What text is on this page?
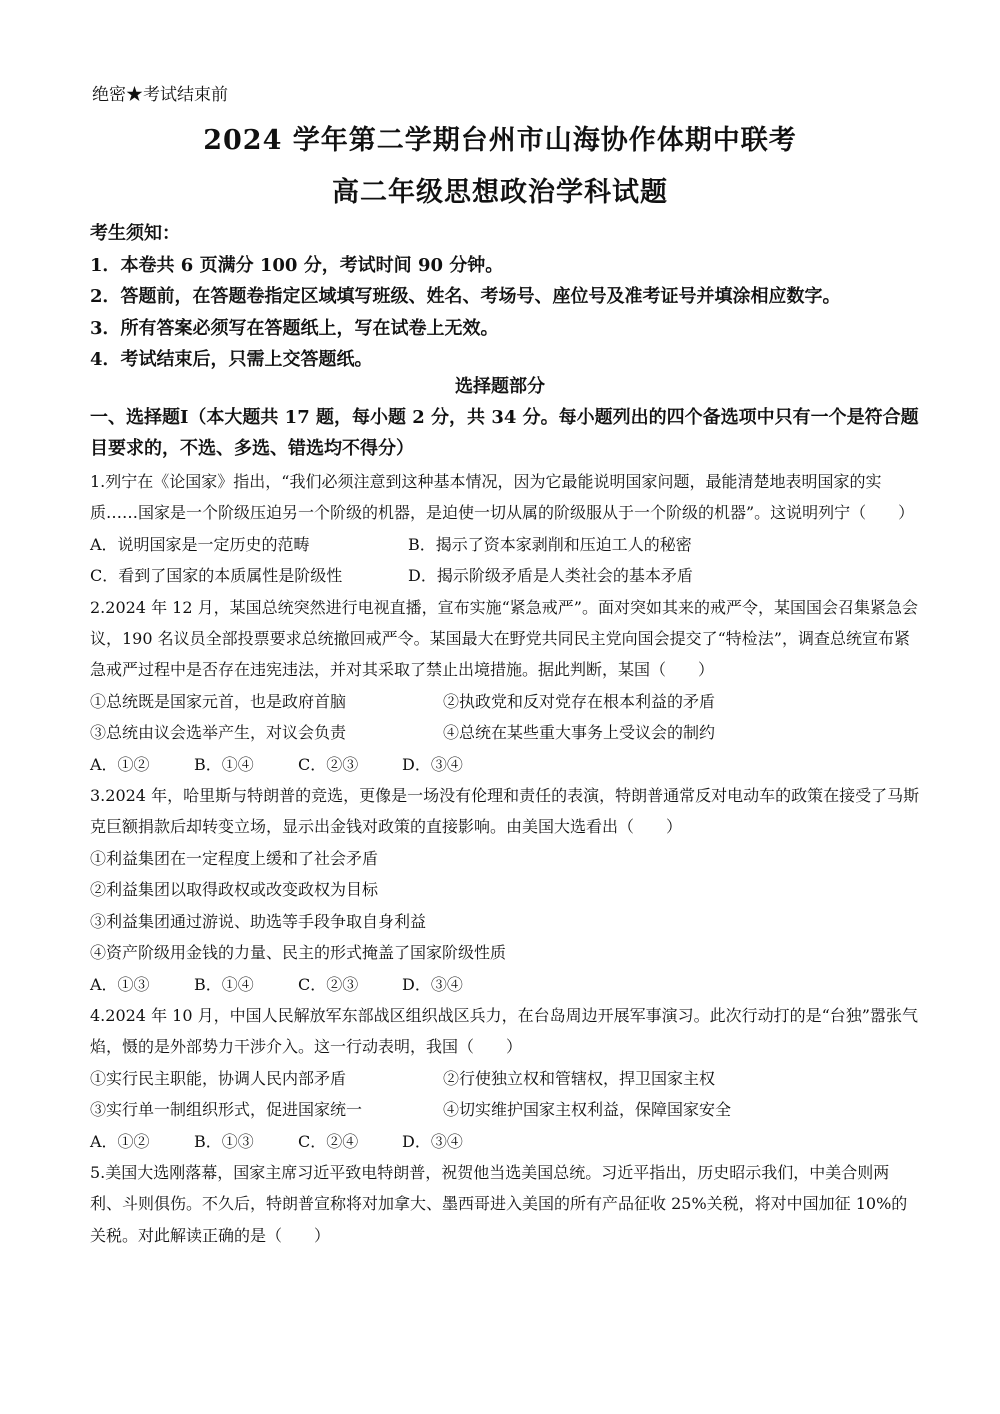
绝密★考试结束前
2024 学年第二学期台州市山海协作体期中联考
高二年级思想政治学科试题
考生须知：
1．本卷共 6 页满分 100 分，考试时间 90 分钟。
2．答题前，在答题卷指定区域填写班级、姓名、考场号、座位号及准考证号并填涂相应数字。
3．所有答案必须写在答题纸上，写在试卷上无效。
4．考试结束后，只需上交答题纸。
选择题部分
一、选择题Ⅰ（本大题共 17 题，每小题 2 分，共 34 分。每小题列出的四个备选项中只有一个是符合题目要求的，不选、多选、错选均不得分）

1.列宁在《论国家》指出，“我们必须注意到这种基本情况，因为它最能说明国家问题，最能清楚地表明国家的实质……国家是一个阶级压迫另一个阶级的机器，是迫使一切从属的阶级服从于一个阶级的机器”。这说明列宁（　　）

A．说明国家是一定历史的范畴	B．揭示了资本家剥削和压迫工人的秘密
C．看到了国家的本质属性是阶级性	D．揭示阶级矛盾是人类社会的基本矛盾

2.2024 年 12 月，某国总统突然进行电视直播，宣布实施“紧急戒严”。面对突如其来的戒严令，某国国会召集紧急会议，190 名议员全部投票要求总统撤回戒严令。某国最大在野党共同民主党向国会提交了“特检法”，调查总统宣布紧急戒严过程中是否存在违宪违法，并对其采取了禁止出境措施。据此判断，某国（　　）

①总统既是国家元首，也是政府首脑	②执政党和反对党存在根本利益的矛盾
③总统由议会选举产生，对议会负责	④总统在某些重大事务上受议会的制约
A．①②	B．①④	C．②③	D．③④

3.2024 年，哈里斯与特朗普的竞选，更像是一场没有伦理和责任的表演，特朗普通常反对电动车的政策在接受了马斯克巨额捐款后却转变立场，显示出金钱对政策的直接影响。由美国大选看出（　　）

①利益集团在一定程度上缓和了社会矛盾

②利益集团以取得政权或改变政权为目标

③利益集团通过游说、助选等手段争取自身利益

④资产阶级用金钱的力量、民主的形式掩盖了国家阶级性质

A．①③	B．①④	C．②③	D．③④

4.2024 年 10 月，中国人民解放军东部战区组织战区兵力，在台岛周边开展军事演习。此次行动打的是“台独”嚣张气焰，慑的是外部势力干涉介入。这一行动表明，我国（　　）

①实行民主职能，协调人民内部矛盾	②行使独立权和管辖权，捍卫国家主权
③实行单一制组织形式，促进国家统一	④切实维护国家主权利益，保障国家安全
A．①②	B．①③	C．②④	D．③④

5.美国大选刚落幕，国家主席习近平致电特朗普，祝贺他当选美国总统。习近平指出，历史昭示我们，中美合则两利、斗则俱伤。不久后，特朗普宣称将对加拿大、墨西哥进入美国的所有产品征收 25%关税，将对中国加征 10%的关税。对此解读正确的是（　　）
